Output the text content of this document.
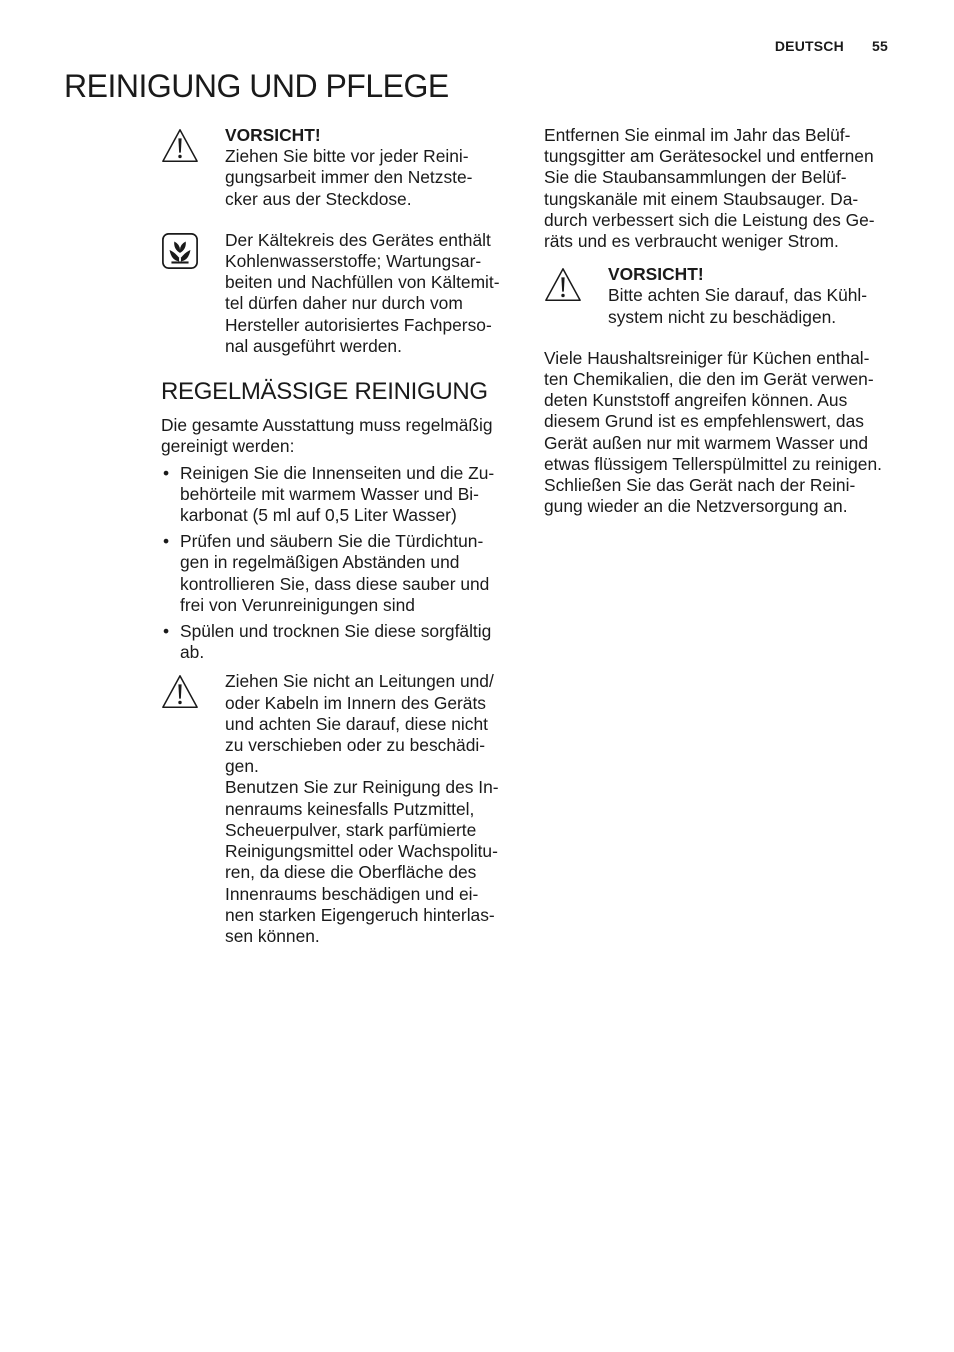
DEUTSCH 55
REINIGUNG UND PFLEGE
VORSICHT!

Ziehen Sie bitte vor jeder Reini-
gungsarbeit immer den Netzste-
cker aus der Steckdose.

Der Kältekreis des Gerätes enthält
Kohlenwasserstoffe; Wartungsar-
beiten und Nachfüllen von Kältemit-
tel dürfen daher nur durch vom
Hersteller autorisiertes Fachperso-
nal ausgeführt werden.

REGELMÄSSIGE REINIGUNG

Die gesamte Ausstattung muss regelmäßig
gereinigt werden:

• Reinigen Sie die Innenseiten und die Zu-
behörteile mit warmem Wasser und Bi-
karbonat (5 ml auf 0,5 Liter Wasser)
• Prüfen und säubern Sie die Türdichtun-
gen in regelmäßigen Abständen und
kontrollieren Sie, dass diese sauber und
frei von Verunreinigungen sind
• Spülen und trocknen Sie diese sorgfältig
ab.

Ziehen Sie nicht an Leitungen und/
oder Kabeln im Innern des Geräts
und achten Sie darauf, diese nicht
zu verschieben oder zu beschädi-
gen.

Benutzen Sie zur Reinigung des In-
nenraums keinesfalls Putzmittel,
Scheuerpulver, stark parfümierte
Reinigungsmittel oder Wachspolitu-
ren, da diese die Oberfläche des
Innenraums beschädigen und ei-
nen starken Eigengeruch hinterlas-
sen können.

Entfernen Sie einmal im Jahr das Belüf-
tungsgitter am Gerätesockel und entfernen
Sie die Staubansammlungen der Belüf-
tungskanäle mit einem Staubsauger. Da-
durch verbessert sich die Leistung des Ge-
räts und es verbraucht weniger Strom.

VORSICHT!

Bitte achten Sie darauf, das Kühl-
system nicht zu beschädigen.

Viele Haushaltsreiniger für Küchen enthal-
ten Chemikalien, die den im Gerät verwen-
deten Kunststoff angreifen können. Aus
diesem Grund ist es empfehlenswert, das
Gerät außen nur mit warmem Wasser und
etwas flüssigem Tellerspülmittel zu reinigen.
Schließen Sie das Gerät nach der Reini-
gung wieder an die Netzversorgung an.
